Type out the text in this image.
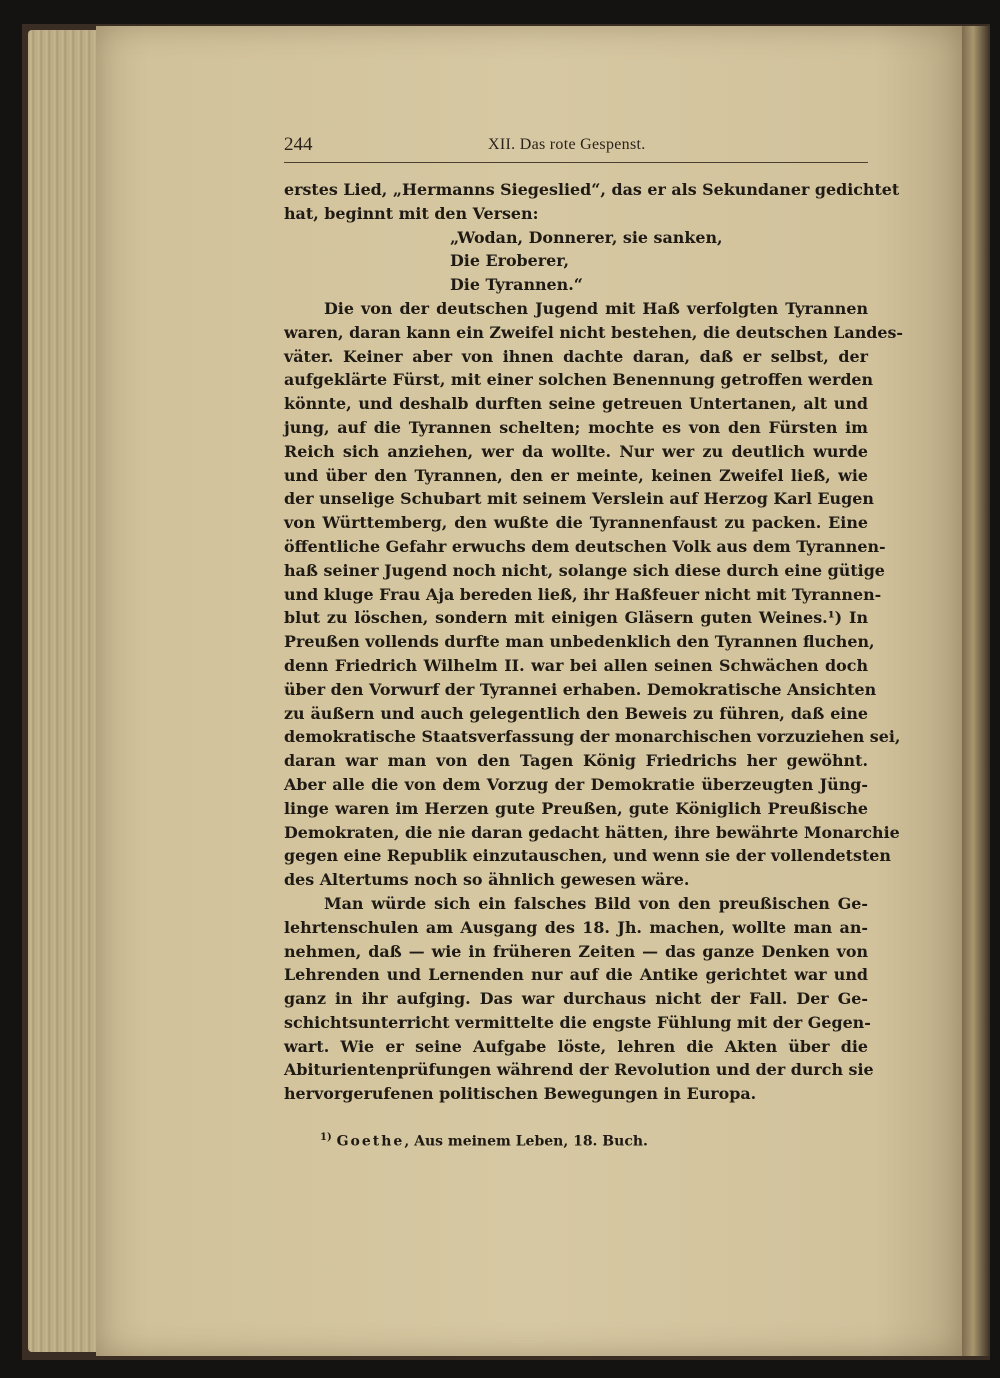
244	XII. Das rote Gespenst.
erstes Lied, „Hermanns Siegeslied“, das er als Sekundaner gedichtet
hat, beginnt mit den Versen:
„Wodan, Donnerer, sie sanken,
Die Eroberer,
Die Tyrannen.“
Die von der deutschen Jugend mit Haß verfolgten Tyrannen
waren, daran kann ein Zweifel nicht bestehen, die deutschen Landes-
väter. Keiner aber von ihnen dachte daran, daß er selbst, der
aufgeklärte Fürst, mit einer solchen Benennung getroffen werden
könnte, und deshalb durften seine getreuen Untertanen, alt und
jung, auf die Tyrannen schelten; mochte es von den Fürsten im
Reich sich anziehen, wer da wollte. Nur wer zu deutlich wurde
und über den Tyrannen, den er meinte, keinen Zweifel ließ, wie
der unselige Schubart mit seinem Verslein auf Herzog Karl Eugen
von Württemberg, den wußte die Tyrannenfaust zu packen. Eine
öffentliche Gefahr erwuchs dem deutschen Volk aus dem Tyrannen-
haß seiner Jugend noch nicht, solange sich diese durch eine gütige
und kluge Frau Aja bereden ließ, ihr Haßfeuer nicht mit Tyrannen-
blut zu löschen, sondern mit einigen Gläsern guten Weines.¹) In
Preußen vollends durfte man unbedenklich den Tyrannen fluchen,
denn Friedrich Wilhelm II. war bei allen seinen Schwächen doch
über den Vorwurf der Tyrannei erhaben. Demokratische Ansichten
zu äußern und auch gelegentlich den Beweis zu führen, daß eine
demokratische Staatsverfassung der monarchischen vorzuziehen sei,
daran war man von den Tagen König Friedrichs her gewöhnt.
Aber alle die von dem Vorzug der Demokratie überzeugten Jüng-
linge waren im Herzen gute Preußen, gute Königlich Preußische
Demokraten, die nie daran gedacht hätten, ihre bewährte Monarchie
gegen eine Republik einzutauschen, und wenn sie der vollendetsten
des Altertums noch so ähnlich gewesen wäre.
Man würde sich ein falsches Bild von den preußischen Ge-
lehrtenschulen am Ausgang des 18. Jh. machen, wollte man an-
nehmen, daß — wie in früheren Zeiten — das ganze Denken von
Lehrenden und Lernenden nur auf die Antike gerichtet war und
ganz in ihr aufging. Das war durchaus nicht der Fall. Der Ge-
schichtsunterricht vermittelte die engste Fühlung mit der Gegen-
wart. Wie er seine Aufgabe löste, lehren die Akten über die
Abiturientenprüfungen während der Revolution und der durch sie
hervorgerufenen politischen Bewegungen in Europa.
$^{1)}$ Goethe, Aus meinem Leben, 18. Buch.
